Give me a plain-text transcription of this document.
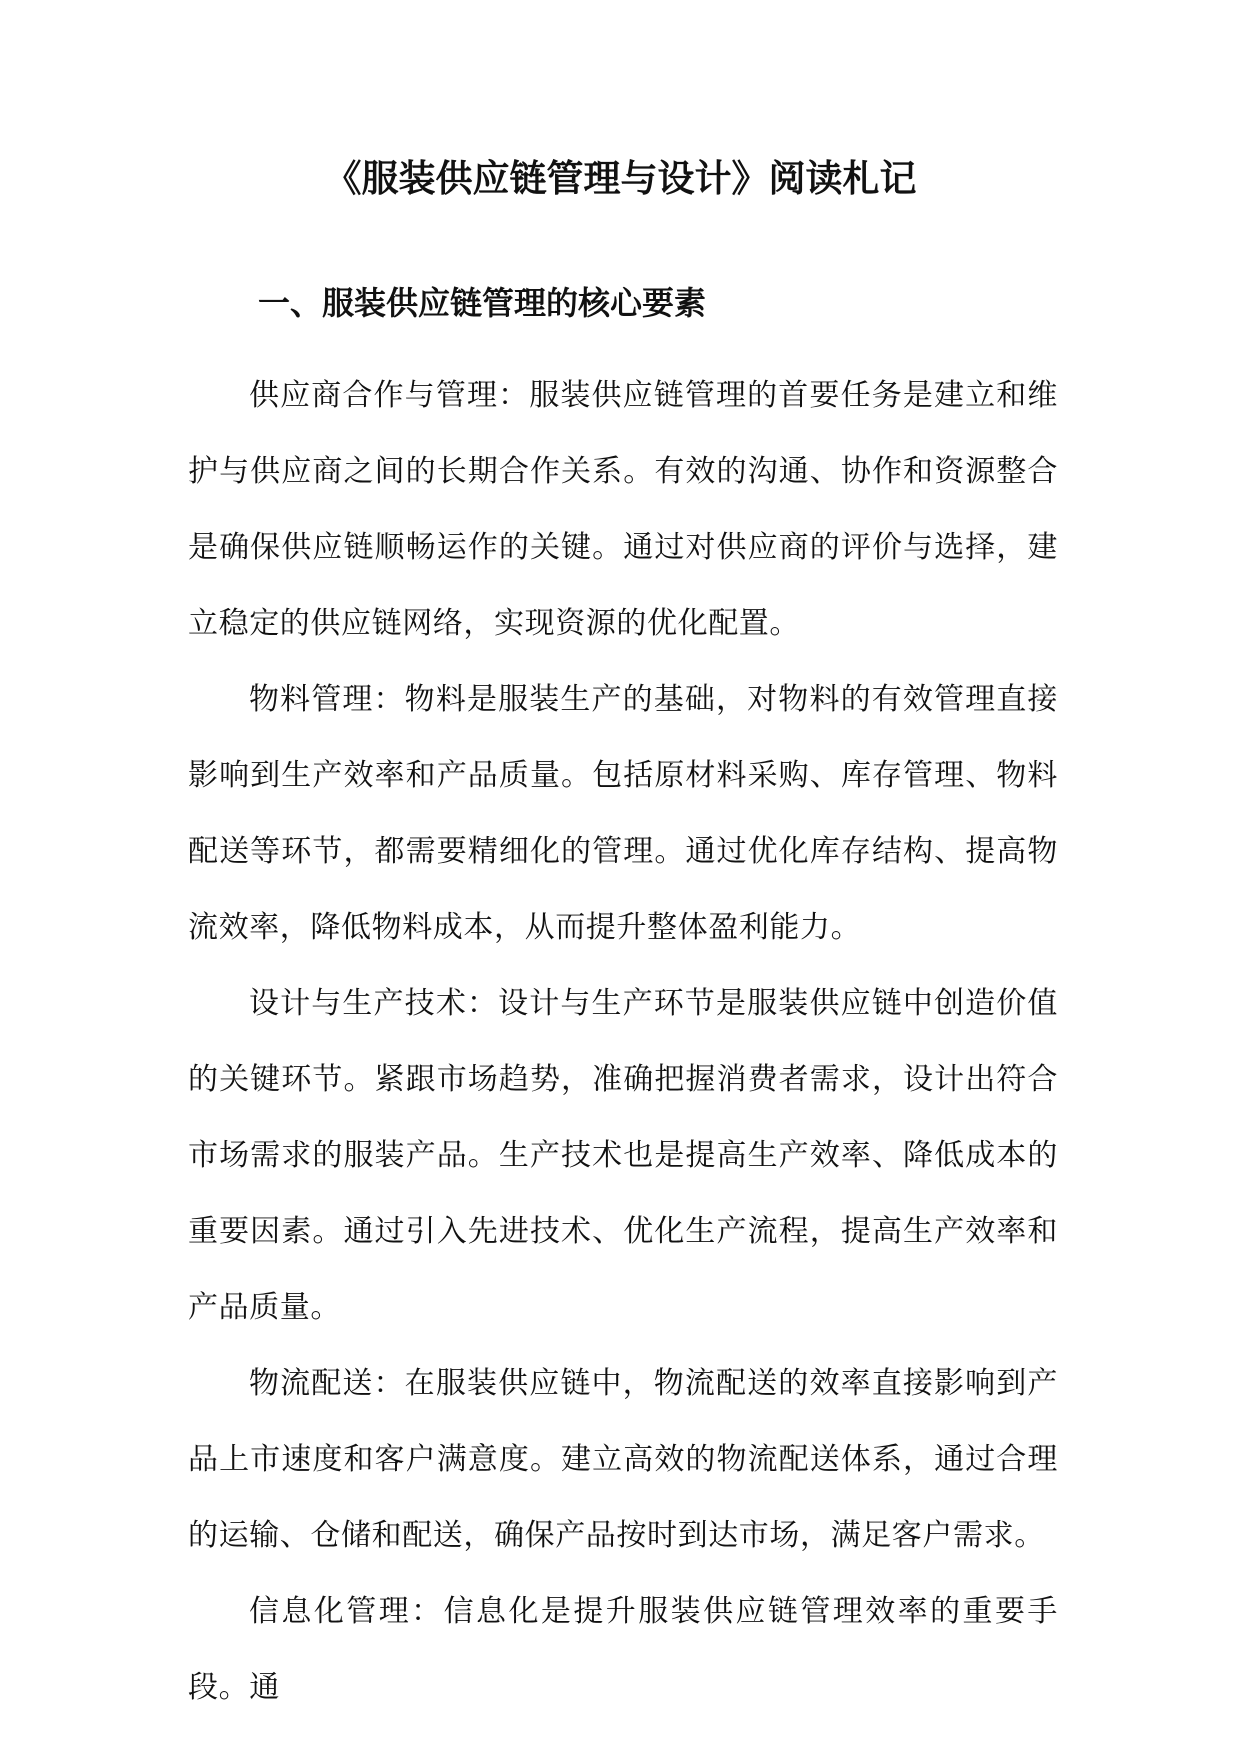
《服装供应链管理与设计》阅读札记
一、服装供应链管理的核心要素

供应商合作与管理：服装供应链管理的首要任务是建立和维护与供应商之间的长期合作关系。有效的沟通、协作和资源整合是确保供应链顺畅运作的关键。通过对供应商的评价与选择，建立稳定的供应链网络，实现资源的优化配置。

物料管理：物料是服装生产的基础，对物料的有效管理直接影响到生产效率和产品质量。包括原材料采购、库存管理、物料配送等环节，都需要精细化的管理。通过优化库存结构、提高物流效率，降低物料成本，从而提升整体盈利能力。

设计与生产技术：设计与生产环节是服装供应链中创造价值的关键环节。紧跟市场趋势，准确把握消费者需求，设计出符合市场需求的服装产品。生产技术也是提高生产效率、降低成本的重要因素。通过引入先进技术、优化生产流程，提高生产效率和产品质量。

物流配送：在服装供应链中，物流配送的效率直接影响到产品上市速度和客户满意度。建立高效的物流配送体系，通过合理的运输、仓储和配送，确保产品按时到达市场，满足客户需求。

信息化管理：信息化是提升服装供应链管理效率的重要手段。通
